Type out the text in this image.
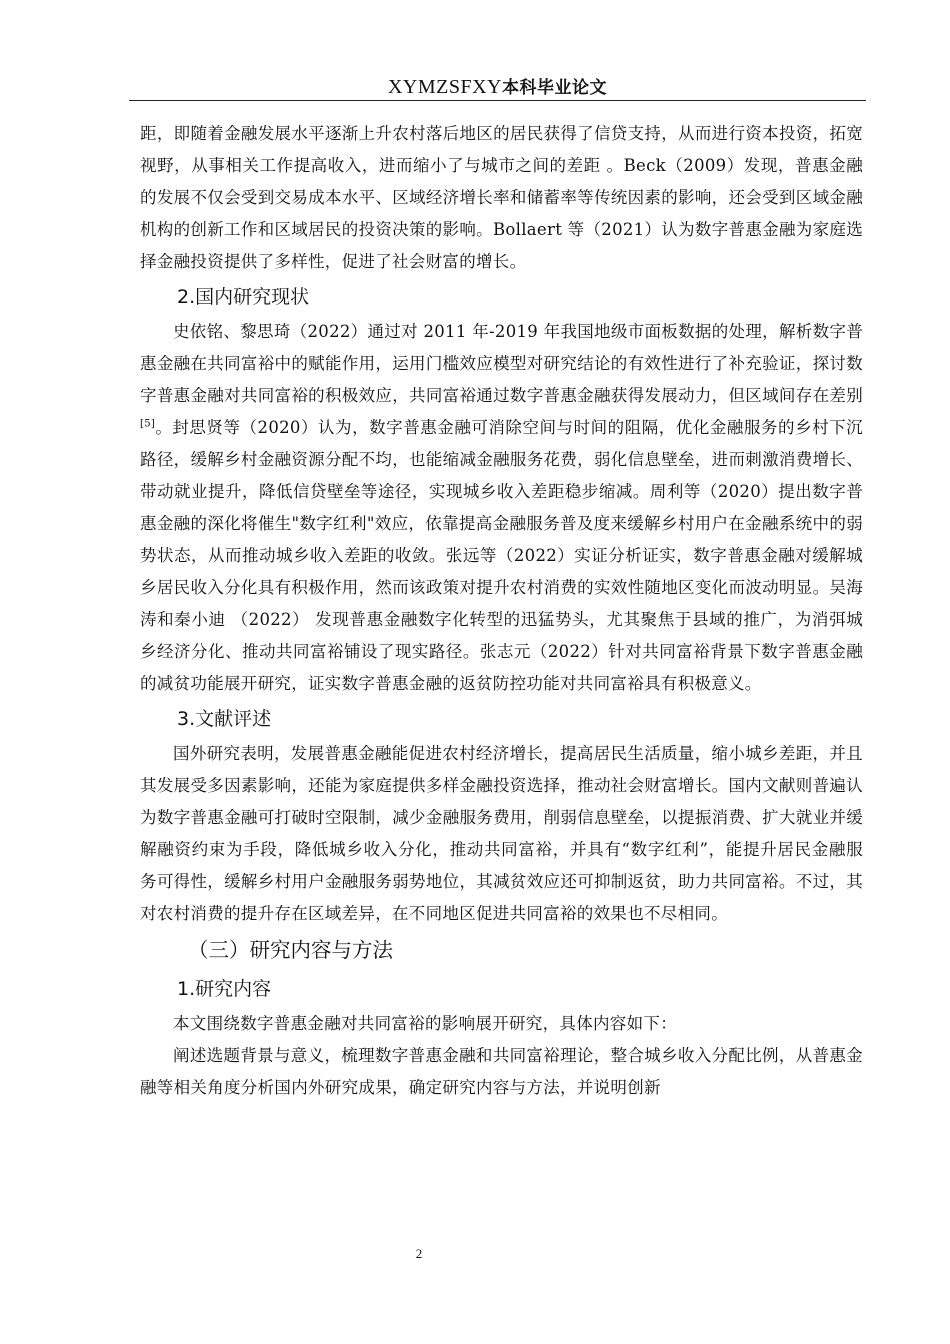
XYMZSFXY本科毕业论文

距，即随着金融发展水平逐渐上升农村落后地区的居民获得了信贷支持，从而进行资本投资，拓宽视野，从事相关工作提高收入，进而缩小了与城市之间的差距 。Beck（2009）发现，普惠金融的发展不仅会受到交易成本水平、区域经济增长率和储蓄率等传统因素的影响，还会受到区域金融机构的创新工作和区域居民的投资决策的影响。Bollaert 等（2021）认为数字普惠金融为家庭选择金融投资提供了多样性，促进了社会财富的增长。

2.国内研究现状

史依铭、黎思琦（2022）通过对 2011 年-2019 年我国地级市面板数据的处理，解析数字普惠金融在共同富裕中的赋能作用，运用门槛效应模型对研究结论的有效性进行了补充验证，探讨数字普惠金融对共同富裕的积极效应，共同富裕通过数字普惠金融获得发展动力，但区域间存在差别[5]。封思贤等（2020）认为，数字普惠金融可消除空间与时间的阻隔，优化金融服务的乡村下沉路径，缓解乡村金融资源分配不均，也能缩减金融服务花费，弱化信息壁垒，进而刺激消费增长、带动就业提升，降低信贷壁垒等途径，实现城乡收入差距稳步缩减。周利等（2020）提出数字普惠金融的深化将催生"数字红利"效应，依靠提高金融服务普及度来缓解乡村用户在金融系统中的弱势状态，从而推动城乡收入差距的收敛。张远等（2022）实证分析证实，数字普惠金融对缓解城乡居民收入分化具有积极作用，然而该政策对提升农村消费的实效性随地区变化而波动明显。吴海涛和秦小迪 （2022） 发现普惠金融数字化转型的迅猛势头，尤其聚焦于县域的推广，为消弭城乡经济分化、推动共同富裕铺设了现实路径。张志元（2022）针对共同富裕背景下数字普惠金融的减贫功能展开研究，证实数字普惠金融的返贫防控功能对共同富裕具有积极意义。

3.文献评述

国外研究表明，发展普惠金融能促进农村经济增长，提高居民生活质量，缩小城乡差距，并且其发展受多因素影响，还能为家庭提供多样金融投资选择，推动社会财富增长。国内文献则普遍认为数字普惠金融可打破时空限制，减少金融服务费用，削弱信息壁垒，以提振消费、扩大就业并缓解融资约束为手段，降低城乡收入分化，推动共同富裕，并具有“数字红利”，能提升居民金融服务可得性，缓解乡村用户金融服务弱势地位，其减贫效应还可抑制返贫，助力共同富裕。不过，其对农村消费的提升存在区域差异，在不同地区促进共同富裕的效果也不尽相同。

（三）研究内容与方法
1.研究内容

本文围绕数字普惠金融对共同富裕的影响展开研究，具体内容如下：

阐述选题背景与意义，梳理数字普惠金融和共同富裕理论，整合城乡收入分配比例，从普惠金融等相关角度分析国内外研究成果，确定研究内容与方法，并说明创新

2
